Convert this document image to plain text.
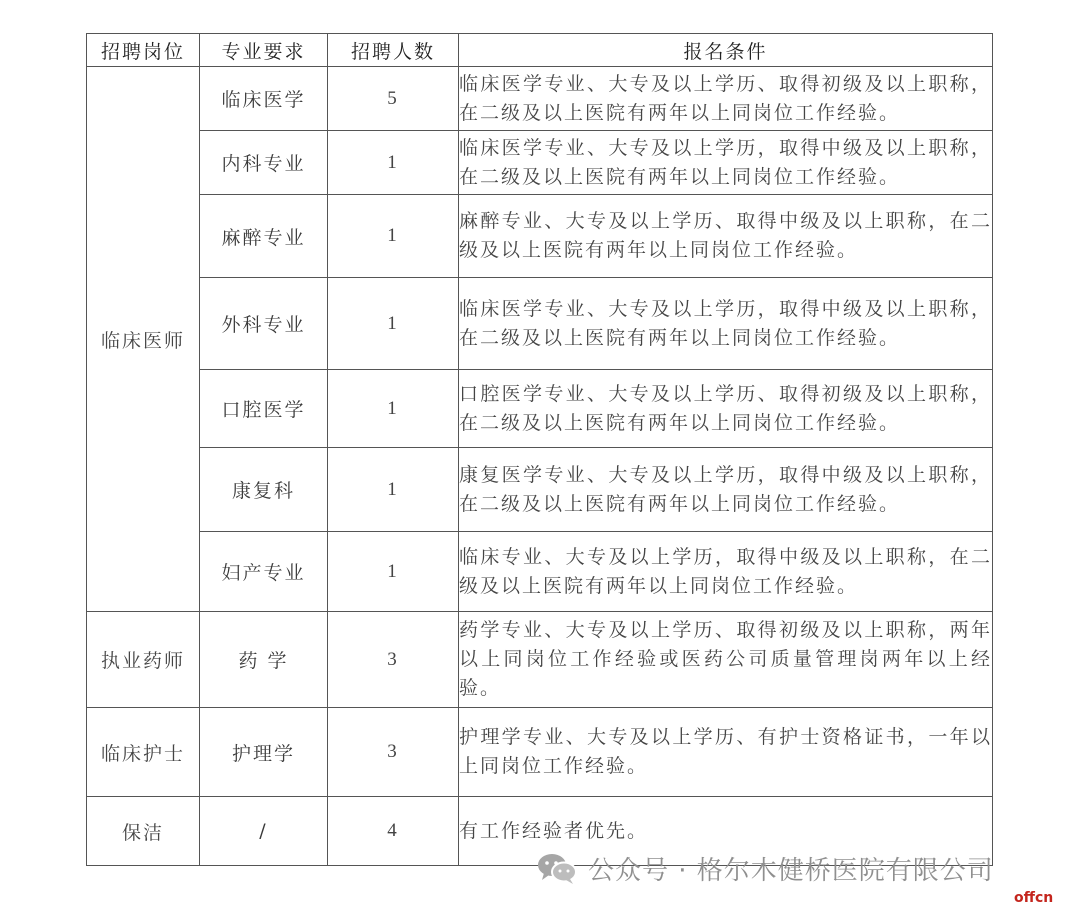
招聘岗位	专业要求	招聘人数	报名条件
临床医师	临床医学	5	临床医学专业、大专及以上学历、取得初级及以上职称，在二级及以上医院有两年以上同岗位工作经验。
	内科专业	1	临床医学专业、大专及以上学历，取得中级及以上职称，在二级及以上医院有两年以上同岗位工作经验。
	麻醉专业	1	麻醉专业、大专及以上学历、取得中级及以上职称，在二级及以上医院有两年以上同岗位工作经验。
	外科专业	1	临床医学专业、大专及以上学历，取得中级及以上职称，在二级及以上医院有两年以上同岗位工作经验。
	口腔医学	1	口腔医学专业、大专及以上学历、取得初级及以上职称，在二级及以上医院有两年以上同岗位工作经验。
	康复科	1	康复医学专业、大专及以上学历，取得中级及以上职称，在二级及以上医院有两年以上同岗位工作经验。
	妇产专业	1	临床专业、大专及以上学历，取得中级及以上职称，在二级及以上医院有两年以上同岗位工作经验。
执业药师	药 学	3	药学专业、大专及以上学历、取得初级及以上职称，两年以上同岗位工作经验或医药公司质量管理岗两年以上经验。
临床护士	护理学	3	护理学专业、大专及以上学历、有护士资格证书，一年以上同岗位工作经验。
保洁	/	4	有工作经验者优先。
公众号 · 格尔木健桥医院有限公司
offcn
